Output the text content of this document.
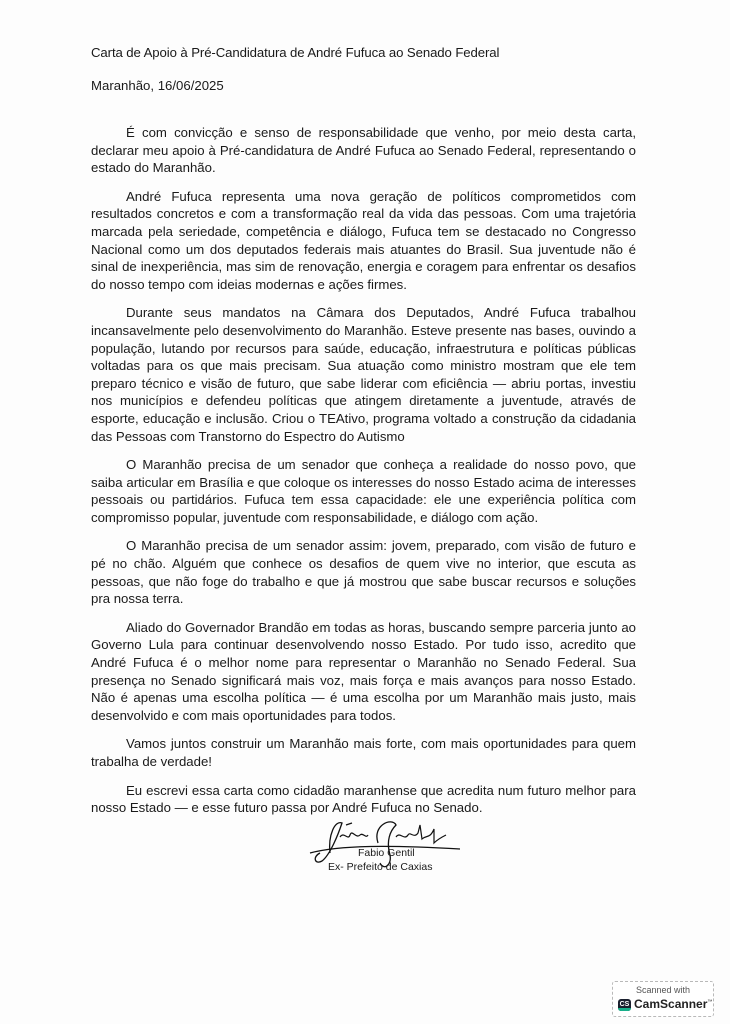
Carta de Apoio à Pré-Candidatura de André Fufuca ao Senado Federal
Maranhão, 16/06/2025

É com convicção e senso de responsabilidade que venho, por meio desta carta, declarar meu apoio à Pré-candidatura de André Fufuca ao Senado Federal, representando o estado do Maranhão.

André Fufuca representa uma nova geração de políticos comprometidos com resultados concretos e com a transformação real da vida das pessoas. Com uma trajetória marcada pela seriedade, competência e diálogo, Fufuca tem se destacado no Congresso Nacional como um dos deputados federais mais atuantes do Brasil. Sua juventude não é sinal de inexperiência, mas sim de renovação, energia e coragem para enfrentar os desafios do nosso tempo com ideias modernas e ações firmes.

Durante seus mandatos na Câmara dos Deputados, André Fufuca trabalhou incansavelmente pelo desenvolvimento do Maranhão. Esteve presente nas bases, ouvindo a população, lutando por recursos para saúde, educação, infraestrutura e políticas públicas voltadas para os que mais precisam. Sua atuação como ministro mostram que ele tem preparo técnico e visão de futuro, que sabe liderar com eficiência — abriu portas, investiu nos municípios e defendeu políticas que atingem diretamente a juventude, através de esporte, educação e inclusão. Criou o TEAtivo, programa voltado a construção da cidadania das Pessoas com Transtorno do Espectro do Autismo

O Maranhão precisa de um senador que conheça a realidade do nosso povo, que saiba articular em Brasília e que coloque os interesses do nosso Estado acima de interesses pessoais ou partidários. Fufuca tem essa capacidade: ele une experiência política com compromisso popular, juventude com responsabilidade, e diálogo com ação.

O Maranhão precisa de um senador assim: jovem, preparado, com visão de futuro e pé no chão. Alguém que conhece os desafios de quem vive no interior, que escuta as pessoas, que não foge do trabalho e que já mostrou que sabe buscar recursos e soluções pra nossa terra.

Aliado do Governador Brandão em todas as horas, buscando sempre parceria junto ao Governo Lula para continuar desenvolvendo nosso Estado. Por tudo isso, acredito que André Fufuca é o melhor nome para representar o Maranhão no Senado Federal. Sua presença no Senado significará mais voz, mais força e mais avanços para nosso Estado. Não é apenas uma escolha política — é uma escolha por um Maranhão mais justo, mais desenvolvido e com mais oportunidades para todos.

Vamos juntos construir um Maranhão mais forte, com mais oportunidades para quem trabalha de verdade!

Eu escrevi essa carta como cidadão maranhense que acredita num futuro melhor para nosso Estado — e esse futuro passa por André Fufuca no Senado.

Fabio Gentil
Ex- Prefeito de Caxias
Scanned with
CS CamScanner™
